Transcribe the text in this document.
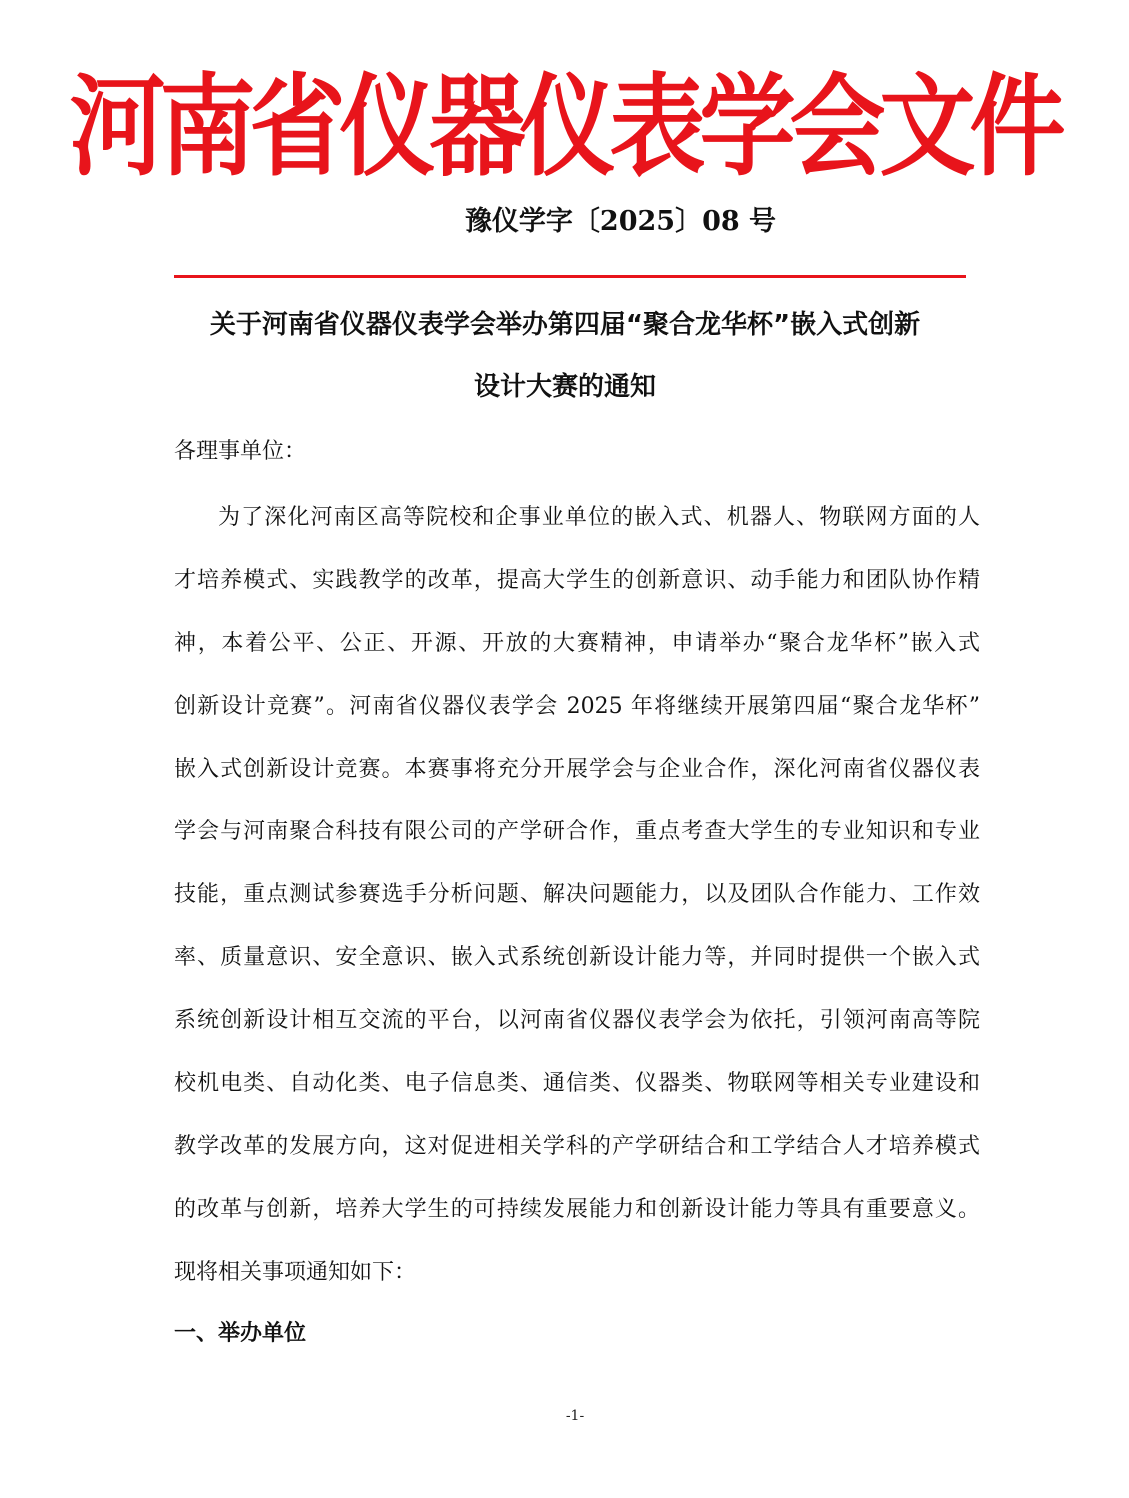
河南省仪器仪表学会文件
豫仪学字〔2025〕08 号
关于河南省仪器仪表学会举办第四届“聚合龙华杯”嵌入式创新
设计大赛的通知
各理事单位：
为了深化河南区高等院校和企事业单位的嵌入式、机器人、物联网方面的人
才培养模式、实践教学的改革，提高大学生的创新意识、动手能力和团队协作精
神，本着公平、公正、开源、开放的大赛精神，申请举办“聚合龙华杯”嵌入式
创新设计竞赛”。河南省仪器仪表学会 2025 年将继续开展第四届“聚合龙华杯”
嵌入式创新设计竞赛。本赛事将充分开展学会与企业合作，深化河南省仪器仪表
学会与河南聚合科技有限公司的产学研合作，重点考查大学生的专业知识和专业
技能，重点测试参赛选手分析问题、解决问题能力，以及团队合作能力、工作效
率、质量意识、安全意识、嵌入式系统创新设计能力等，并同时提供一个嵌入式
系统创新设计相互交流的平台，以河南省仪器仪表学会为依托，引领河南高等院
校机电类、自动化类、电子信息类、通信类、仪器类、物联网等相关专业建设和
教学改革的发展方向，这对促进相关学科的产学研结合和工学结合人才培养模式
的改革与创新，培养大学生的可持续发展能力和创新设计能力等具有重要意义。
现将相关事项通知如下：
一、举办单位
-1-
